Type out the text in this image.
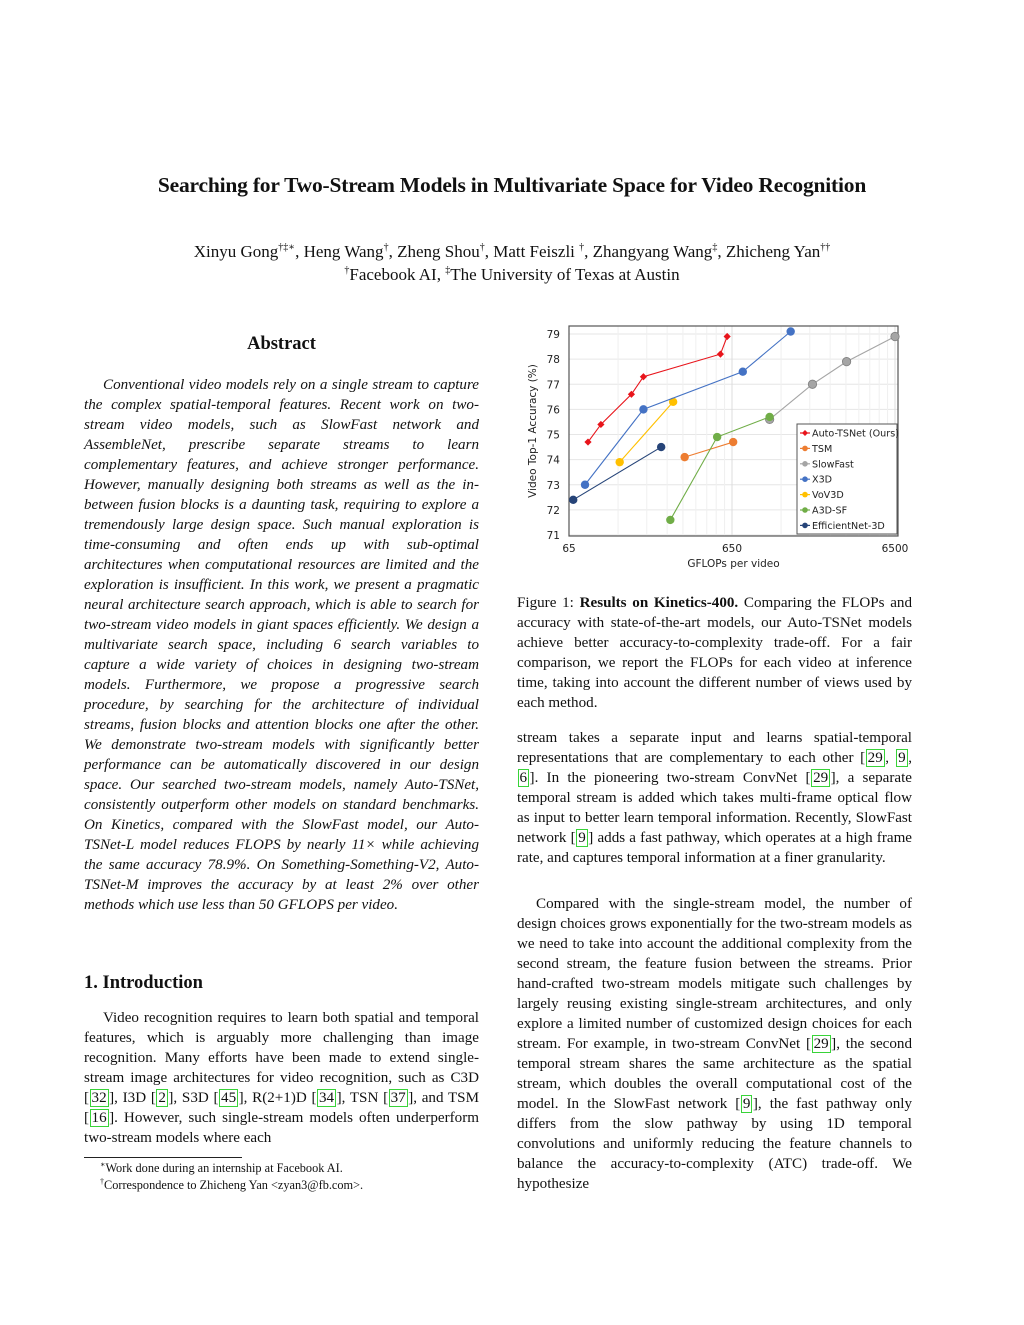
Searching for Two-Stream Models in Multivariate Space for Video Recognition
Xinyu Gong†‡∗, Heng Wang†, Zheng Shou†, Matt Feiszli †, Zhangyang Wang‡, Zhicheng Yan††
†Facebook AI, ‡The University of Texas at Austin
Abstract

Conventional video models rely on a single stream to capture the complex spatial-temporal features. Recent work on two-stream video models, such as SlowFast network and AssembleNet, prescribe separate streams to learn complementary features, and achieve stronger performance. However, manually designing both streams as well as the in-between fusion blocks is a daunting task, requiring to explore a tremendously large design space. Such manual exploration is time-consuming and often ends up with sub-optimal architectures when computational resources are limited and the exploration is insufficient. In this work, we present a pragmatic neural architecture search approach, which is able to search for two-stream video models in giant spaces efficiently. We design a multivariate search space, including 6 search variables to capture a wide variety of choices in designing two-stream models. Furthermore, we propose a progressive search procedure, by searching for the architecture of individual streams, fusion blocks and attention blocks one after the other. We demonstrate two-stream models with significantly better performance can be automatically discovered in our design space. Our searched two-stream models, namely Auto-TSNet, consistently outperform other models on standard benchmarks. On Kinetics, compared with the SlowFast model, our Auto-TSNet-L model reduces FLOPS by nearly 11× while achieving the same accuracy 78.9%. On Something-Something-V2, Auto-TSNet-M improves the accuracy by at least 2% over other methods which use less than 50 GFLOPS per video.

1. Introduction

Video recognition requires to learn both spatial and temporal features, which is arguably more challenging than image recognition. Many efforts have been made to extend single-stream image architectures for video recognition, such as C3D [ 32 ], I3D [ 2 ], S3D [ 45 ], R(2+1)D [ 34 ], TSN [ 37 ], and TSM [ 16 ]. However, such single-stream models often underperform two-stream models where each

∗Work done during an internship at Facebook AI.
†Correspondence to Zhicheng Yan <zyan3@fb.com>.
71
72
73
74
75
76
77
78
79
65	650	6500
GFLOPs per video
Video Top-1 Accuracy (%)	Auto-TSNet (Ours)
TSM
SlowFast
X3D
VoV3D
A3D-SF
EfficientNet-3D

Figure 1: Results on Kinetics-400. Comparing the FLOPs and accuracy with state-of-the-art models, our Auto-TSNet models achieve better accuracy-to-complexity trade-off. For a fair comparison, we report the FLOPs for each video at inference time, taking into account the different number of views used by each method.

stream takes a separate input and learns spatial-temporal representations that are complementary to each other [ 29 , 9 , 6 ]. In the pioneering two-stream ConvNet [ 29 ], a separate temporal stream is added which takes multi-frame optical flow as input to better learn temporal information. Recently, SlowFast network [ 9 ] adds a fast pathway, which operates at a high frame rate, and captures temporal information at a finer granularity.

Compared with the single-stream model, the number of design choices grows exponentially for the two-stream models as we need to take into account the additional complexity from the second stream, the feature fusion between the streams. Prior hand-crafted two-stream models mitigate such challenges by largely reusing existing single-stream architectures, and only explore a limited number of customized design choices for each stream. For example, in two-stream ConvNet [ 29 ], the second temporal stream shares the same architecture as the spatial stream, which doubles the overall computational cost of the model. In the SlowFast network [ 9 ], the fast pathway only differs from the slow pathway by using 1D temporal convolutions and uniformly reducing the feature channels to balance the accuracy-to-complexity (ATC) trade-off. We hypothesize
